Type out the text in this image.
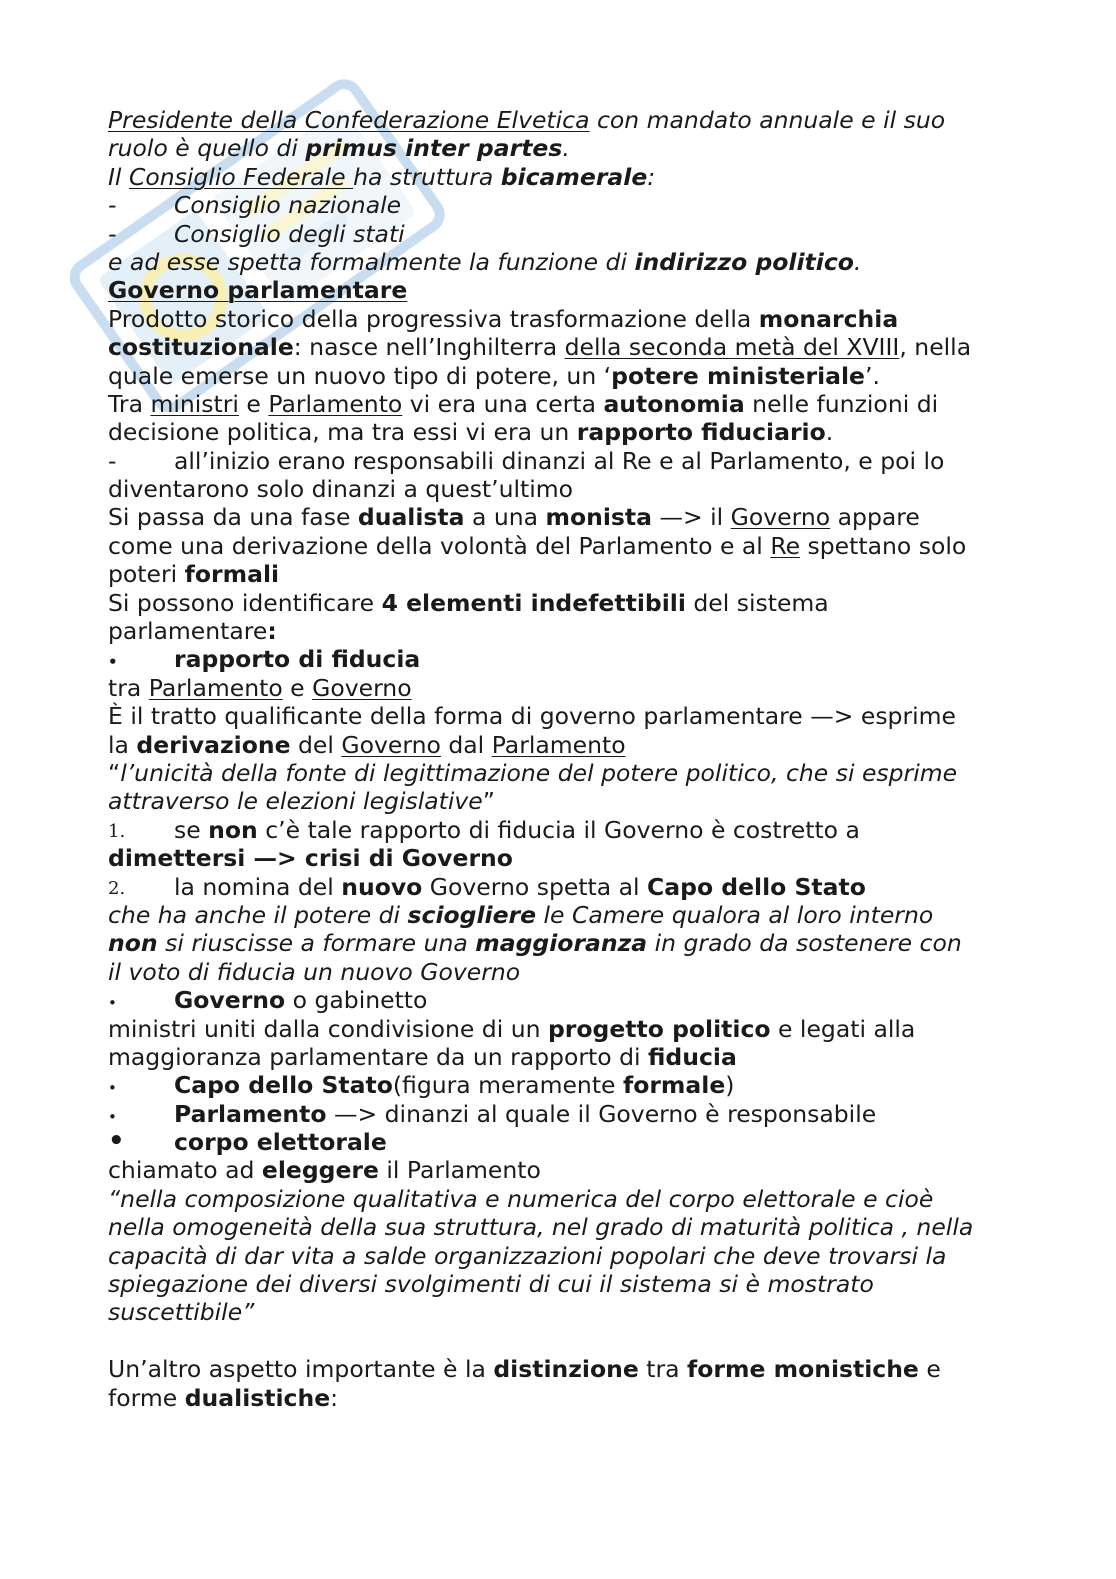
Presidente della Confederazione Elvetica con mandato annuale e il suo
ruolo è quello di primus inter partes.
Il Consiglio Federale ha struttura bicamerale:
- Consiglio nazionale
- Consiglio degli stati
e ad esse spetta formalmente la funzione di indirizzo politico.
Governo parlamentare
Prodotto storico della progressiva trasformazione della monarchia
costituzionale: nasce nell’Inghilterra della seconda metà del XVIII, nella
quale emerse un nuovo tipo di potere, un ‘potere ministeriale’.
Tra ministri e Parlamento vi era una certa autonomia nelle funzioni di
decisione politica, ma tra essi vi era un rapporto fiduciario.
- all’inizio erano responsabili dinanzi al Re e al Parlamento, e poi lo
diventarono solo dinanzi a quest’ultimo
Si passa da una fase dualista a una monista —> il Governo appare
come una derivazione della volontà del Parlamento e al Re spettano solo
poteri formali
Si possono identificare 4 elementi indefettibili del sistema
parlamentare:
• rapporto di fiducia
tra Parlamento e Governo
È il tratto qualificante della forma di governo parlamentare —> esprime
la derivazione del Governo dal Parlamento
“l’unicità della fonte di legittimazione del potere politico, che si esprime
attraverso le elezioni legislative”
1. se non c’è tale rapporto di fiducia il Governo è costretto a
dimettersi —> crisi di Governo
2. la nomina del nuovo Governo spetta al Capo dello Stato
che ha anche il potere di sciogliere le Camere qualora al loro interno
non si riuscisse a formare una maggioranza in grado da sostenere con
il voto di fiducia un nuovo Governo
• Governo o gabinetto
ministri uniti dalla condivisione di un progetto politico e legati alla
maggioranza parlamentare da un rapporto di fiducia
• Capo dello Stato(figura meramente formale)
• Parlamento —> dinanzi al quale il Governo è responsabile
• corpo elettorale
chiamato ad eleggere il Parlamento
“nella composizione qualitativa e numerica del corpo elettorale e cioè
nella omogeneità della sua struttura, nel grado di maturità politica , nella
capacità di dar vita a salde organizzazioni popolari che deve trovarsi la
spiegazione dei diversi svolgimenti di cui il sistema si è mostrato
suscettibile”
Un’altro aspetto importante è la distinzione tra forme monistiche e
forme dualistiche:
